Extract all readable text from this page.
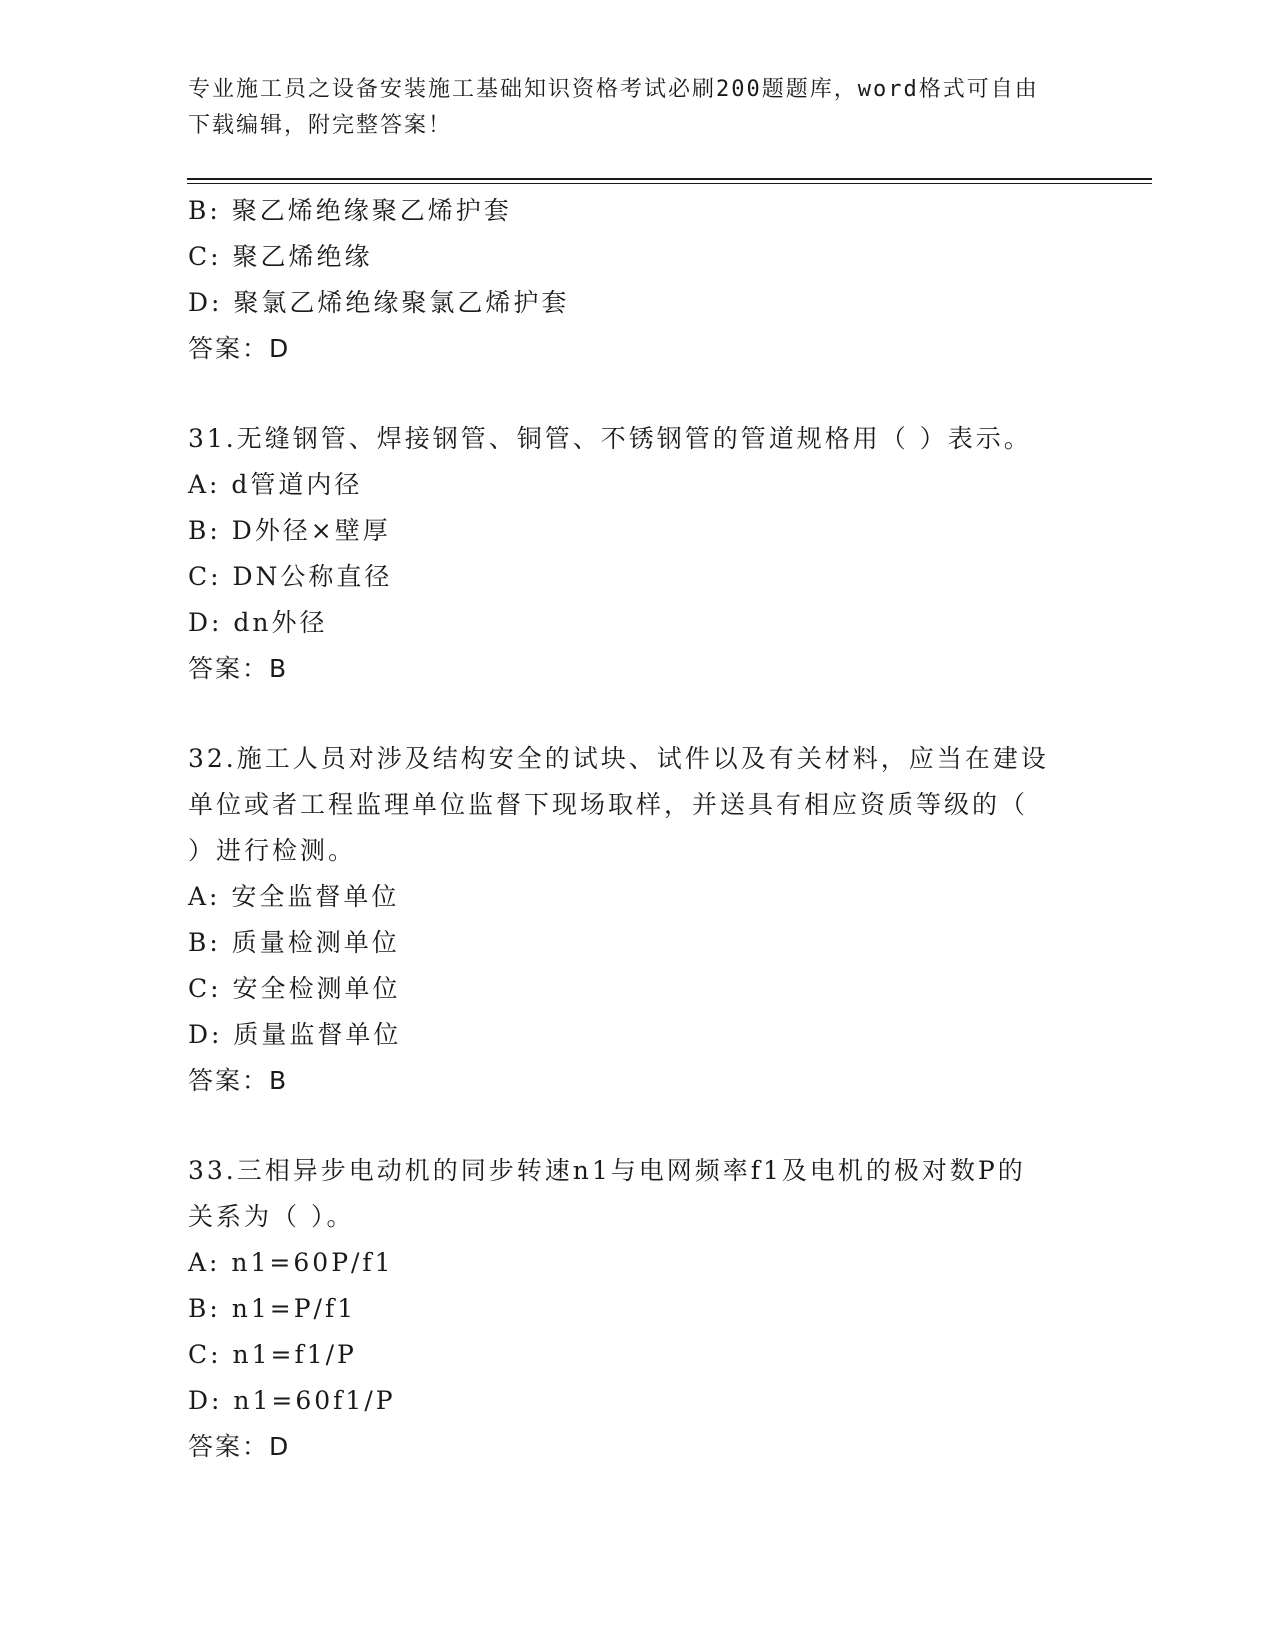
专业施工员之设备安装施工基础知识资格考试必刷200题题库，word格式可自由
下载编辑，附完整答案！
B: 聚乙烯绝缘聚乙烯护套
C: 聚乙烯绝缘
D: 聚氯乙烯绝缘聚氯乙烯护套
答案：D
31.无缝钢管、焊接钢管、铜管、不锈钢管的管道规格用（ ）表示。
A: d管道内径
B: D外径×壁厚
C: DN公称直径
D: dn外径
答案：B
32.施工人员对涉及结构安全的试块、试件以及有关材料，应当在建设
单位或者工程监理单位监督下现场取样，并送具有相应资质等级的（
）进行检测。
A: 安全监督单位
B: 质量检测单位
C: 安全检测单位
D: 质量监督单位
答案：B
33.三相异步电动机的同步转速n1与电网频率f1及电机的极对数P的
关系为（ ）。
A: n1=60P/f1
B: n1=P/f1
C: n1=f1/P
D: n1=60f1/P
答案：D
